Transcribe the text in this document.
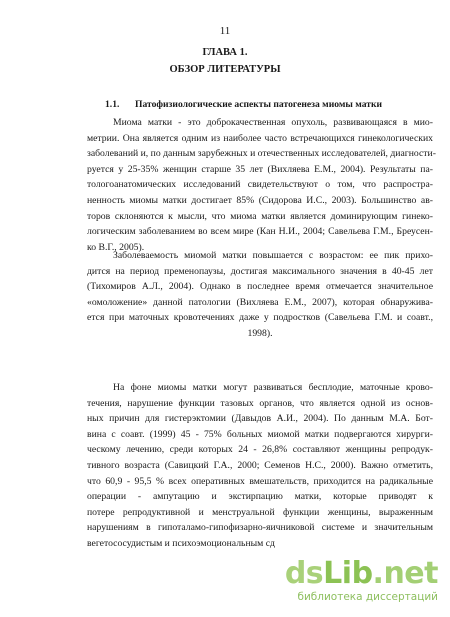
11
ГЛАВА 1.
ОБЗОР ЛИТЕРАТУРЫ
1.1. Патофизиологические аспекты патогенеза миомы матки
Миома матки - это доброкачественная опухоль, развивающаяся в мио-
метрии. Она является одним из наиболее часто встречающихся гинекологических
заболеваний и, по данным зарубежных и отечественных исследователей, диагности-
руется у 25-35% женщин старше 35 лет (Вихляева Е.М., 2004). Результаты па-
тологоанатомических исследований свидетельствуют о том, что распростра-
ненность миомы матки достигает 85% (Сидорова И.С., 2003). Большинство ав-
торов склоняются к мысли, что миома матки является доминирующим гинеко-
логическим заболеванием во всем мире (Кан Н.И., 2004; Савельева Г.М., Бреусен-
ко В.Г., 2005).
Заболеваемость миомой матки повышается с возрастом: ее пик прихо-
дится на период пременопаузы, достигая максимального значения в 40-45 лет
(Тихомиров А.Л., 2004). Однако в последнее время отмечается значительное
«омоложение» данной патологии (Вихляева Е.М., 2007), которая обнаружива-
ется при маточных кровотечениях даже у подростков (Савельева Г.М. и соавт.,
1998).
На фоне миомы матки могут развиваться бесплодие, маточные крово-
течения, нарушение функции тазовых органов, что является одной из основ-
ных причин для гистерэктомии (Давыдов А.И., 2004). По данным М.А. Бот-
вина с соавт. (1999) 45 - 75% больных миомой матки подвергаются хирурги-
ческому лечению, среди которых 24 - 26,8% составляют женщины репродук-
тивного возраста (Савицкий Г.А., 2000; Семенов Н.С., 2000). Важно отметить,
что 60,9 - 95,5 % всех оперативных вмешательств, приходится на радикальные
операции - ампутацию и экстирпацию матки, которые приводят к
потере репродуктивной и менструальной функции женщины, выраженным
нарушениям в гипоталамо-гипофизарно-яичниковой системе и значительным
вегетососудистым и психоэмоциональным сд
dsLib.net
библиотека диссертаций
